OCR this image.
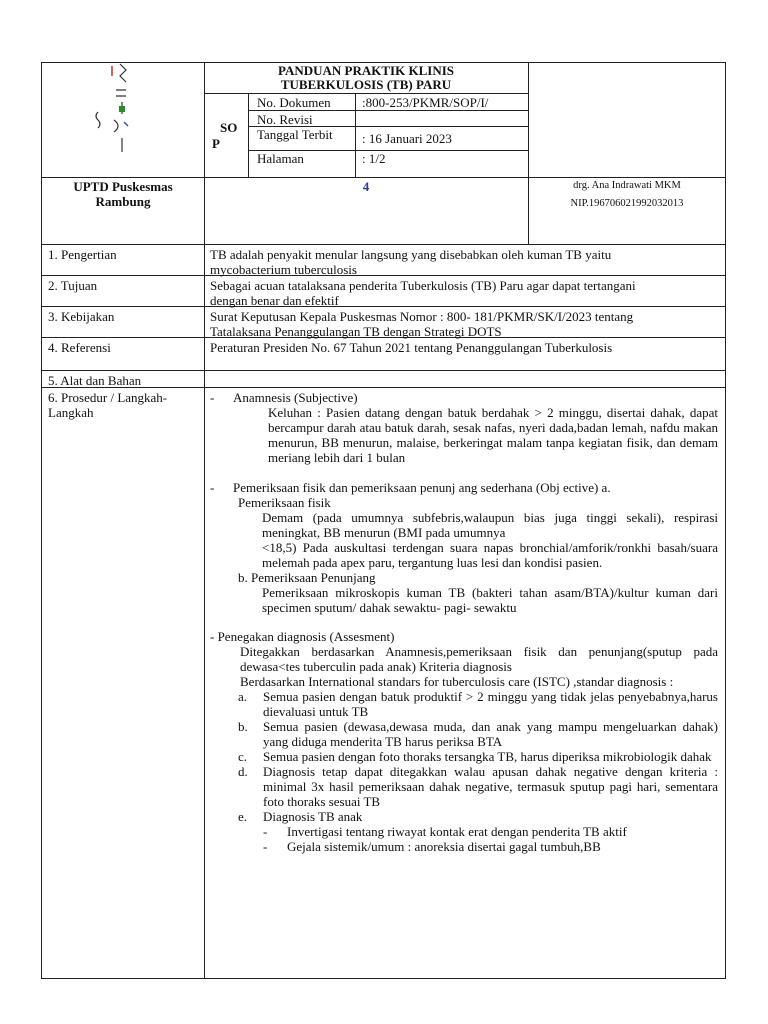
PANDUAN PRAKTIK KLINIS
TUBERKULOSIS (TB) PARU
SO
P
No. Dokumen :800-253/PKMR/SOP/I/
No. Revisi
Tanggal Terbit : 16 Januari 2023
Halaman	: 1/2
UPTD Puskesmas
Rambung
4	drg. Ana Indrawati MKM
NIP.196706021992032013
1. Pengertian
2. Tujuan
3. Kebijakan
4. Referensi
5. Alat dan Bahan
6. Prosedur / Langkah-
Langkah
TB adalah penyakit menular langsung yang disebabkan oleh kuman TB yaitu
mycobacterium tuberculosis
Sebagai acuan tatalaksana penderita Tuberkulosis (TB) Paru agar dapat tertangani
dengan benar dan efektif
Surat Keputusan Kepala Puskesmas Nomor : 800- 181/PKMR/SK/I/2023 tentang
Tatalaksana Penanggulangan TB dengan Strategi DOTS
Peraturan Presiden No. 67 Tahun 2021 tentang Penanggulangan Tuberkulosis
- Anamnesis (Subjective)
Keluhan : Pasien datang dengan batuk berdahak > 2 minggu, disertai dahak, dapat bercampur darah atau batuk darah, sesak nafas, nyeri dada,badan lemah, nafdu makan menurun, BB menurun, malaise, berkeringat malam tanpa kegiatan fisik, dan demam meriang lebih dari 1 bulan
- Pemeriksaan fisik dan pemeriksaan penunj ang sederhana (Obj ective) a.
Pemeriksaan fisik
Demam (pada umumnya subfebris,walaupun bias juga tinggi sekali), respirasi meningkat, BB menurun (BMI pada umumnya
<18,5) Pada auskultasi terdengan suara napas bronchial/amforik/ronkhi basah/suara melemah pada apex paru, tergantung luas lesi dan kondisi pasien.
b. Pemeriksaan Penunjang
Pemeriksaan mikroskopis kuman TB (bakteri tahan asam/BTA)/kultur kuman dari specimen sputum/ dahak sewaktu- pagi- sewaktu
- Penegakan diagnosis (Assesment)
Ditegakkan berdasarkan Anamnesis,pemeriksaan fisik dan penunjang(sputup pada dewasa<tes tuberculin pada anak) Kriteria diagnosis
Berdasarkan International standars for tuberculosis care (ISTC) ,standar diagnosis :
a. Semua pasien dengan batuk produktif > 2 minggu yang tidak jelas penyebabnya,harus dievaluasi untuk TB
b. Semua pasien (dewasa,dewasa muda, dan anak yang mampu mengeluarkan dahak) yang diduga menderita TB harus periksa BTA
c. Semua pasien dengan foto thoraks tersangka TB, harus diperiksa mikrobiologik dahak
d. Diagnosis tetap dapat ditegakkan walau apusan dahak negative dengan kriteria : minimal 3x hasil pemeriksaan dahak negative, termasuk sputup pagi hari, sementara foto thoraks sesuai TB
e. Diagnosis TB anak
- Invertigasi tentang riwayat kontak erat dengan penderita TB aktif
- Gejala sistemik/umum : anoreksia disertai gagal tumbuh,BB
